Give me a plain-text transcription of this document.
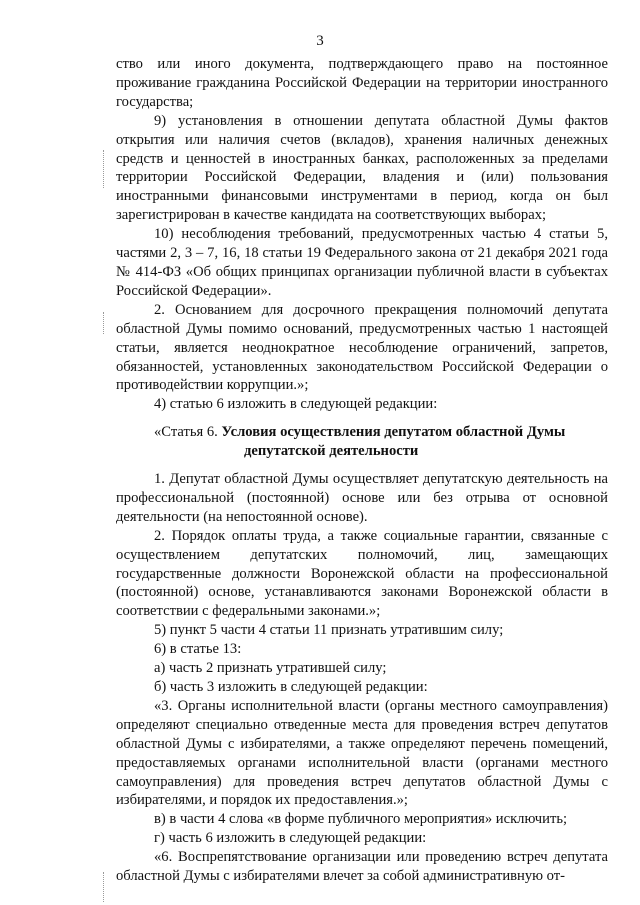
3

ство или иного документа, подтверждающего право на постоянное проживание гражданина Российской Федерации на территории иностранного государства;

9) установления в отношении депутата областной Думы фактов открытия или наличия счетов (вкладов), хранения наличных денежных средств и ценностей в иностранных банках, расположенных за пределами территории Российской Федерации, владения и (или) пользования иностранными финансовыми инструментами в период, когда он был зарегистрирован в качестве кандидата на соответствующих выборах;

10) несоблюдения требований, предусмотренных частью 4 статьи 5, частями 2, 3 – 7, 16, 18 статьи 19 Федерального закона от 21 декабря 2021 года № 414-ФЗ «Об общих принципах организации публичной власти в субъектах Российской Федерации».

2. Основанием для досрочного прекращения полномочий депутата областной Думы помимо оснований, предусмотренных частью 1 настоящей статьи, является неоднократное несоблюдение ограничений, запретов, обязанностей, установленных законодательством Российской Федерации о противодействии коррупции.»;

4) статью 6 изложить в следующей редакции:

«Статья 6. Условия осуществления депутатом областной Думы
депутатской деятельности

1. Депутат областной Думы осуществляет депутатскую деятельность на профессиональной (постоянной) основе или без отрыва от основной деятельности (на непостоянной основе).

2. Порядок оплаты труда, а также социальные гарантии, связанные с осуществлением депутатских полномочий, лиц, замещающих государственные должности Воронежской области на профессиональной (постоянной) основе, устанавливаются законами Воронежской области в соответствии с федеральными законами.»;

5) пункт 5 части 4 статьи 11 признать утратившим силу;

6) в статье 13:

а) часть 2 признать утратившей силу;

б) часть 3 изложить в следующей редакции:

«3. Органы исполнительной власти (органы местного самоуправления) определяют специально отведенные места для проведения встреч депутатов областной Думы с избирателями, а также определяют перечень помещений, предоставляемых органами исполнительной власти (органами местного самоуправления) для проведения встреч депутатов областной Думы с избирателями, и порядок их предоставления.»;

в) в части 4 слова «в форме публичного мероприятия» исключить;

г) часть 6 изложить в следующей редакции:

«6. Воспрепятствование организации или проведению встреч депутата областной Думы с избирателями влечет за собой административную от-
